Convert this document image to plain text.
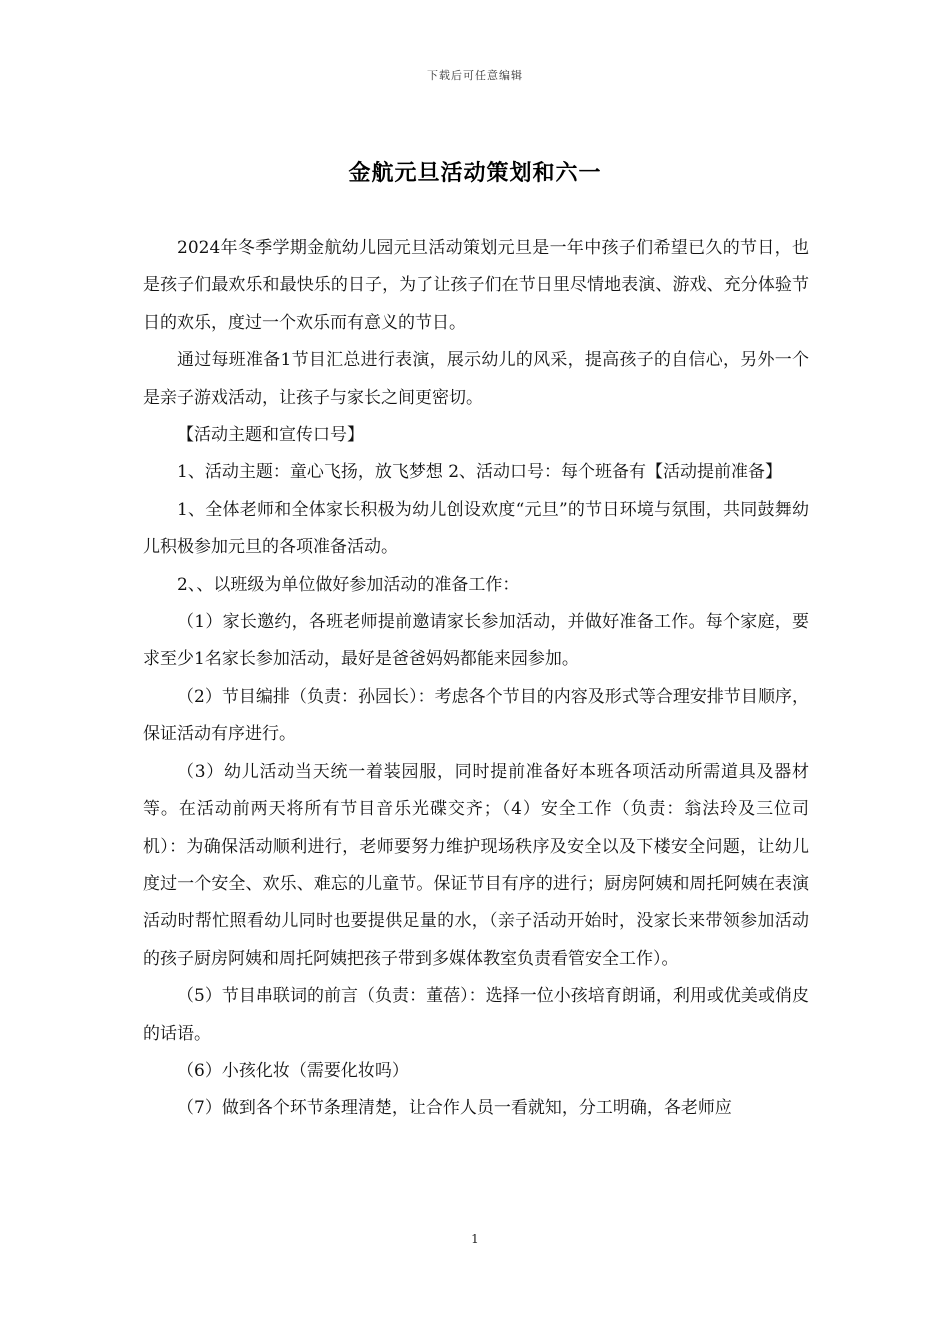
下载后可任意编辑
金航元旦活动策划和六一

2024年冬季学期金航幼儿园元旦活动策划元旦是一年中孩子们希望已久的节日，也是孩子们最欢乐和最快乐的日子，为了让孩子们在节日里尽情地表演、游戏、充分体验节日的欢乐，度过一个欢乐而有意义的节日。

通过每班准备1节目汇总进行表演，展示幼儿的风采，提高孩子的自信心，另外一个是亲子游戏活动，让孩子与家长之间更密切。

【活动主题和宣传口号】

1、活动主题：童心飞扬，放飞梦想 2、活动口号：每个班备有【活动提前准备】

1、全体老师和全体家长积极为幼儿创设欢度“元旦”的节日环境与氛围，共同鼓舞幼儿积极参加元旦的各项准备活动。

2、、以班级为单位做好参加活动的准备工作：

（1）家长邀约，各班老师提前邀请家长参加活动，并做好准备工作。每个家庭，要求至少1名家长参加活动，最好是爸爸妈妈都能来园参加。

（2）节目编排（负责：孙园长）：考虑各个节目的内容及形式等合理安排节目顺序，保证活动有序进行。

（3）幼儿活动当天统一着装园服，同时提前准备好本班各项活动所需道具及器材等。在活动前两天将所有节目音乐光碟交齐；（4）安全工作（负责：翁法玲及三位司机）：为确保活动顺利进行，老师要努力维护现场秩序及安全以及下楼安全问题，让幼儿度过一个安全、欢乐、难忘的儿童节。保证节目有序的进行；厨房阿姨和周托阿姨在表演活动时帮忙照看幼儿同时也要提供足量的水，（亲子活动开始时，没家长来带领参加活动的孩子厨房阿姨和周托阿姨把孩子带到多媒体教室负责看管安全工作）。

（5）节目串联词的前言（负责：董蓓）：选择一位小孩培育朗诵，利用或优美或俏皮的话语。

（6）小孩化妆（需要化妆吗）

（7）做到各个环节条理清楚，让合作人员一看就知，分工明确，各老师应

1
